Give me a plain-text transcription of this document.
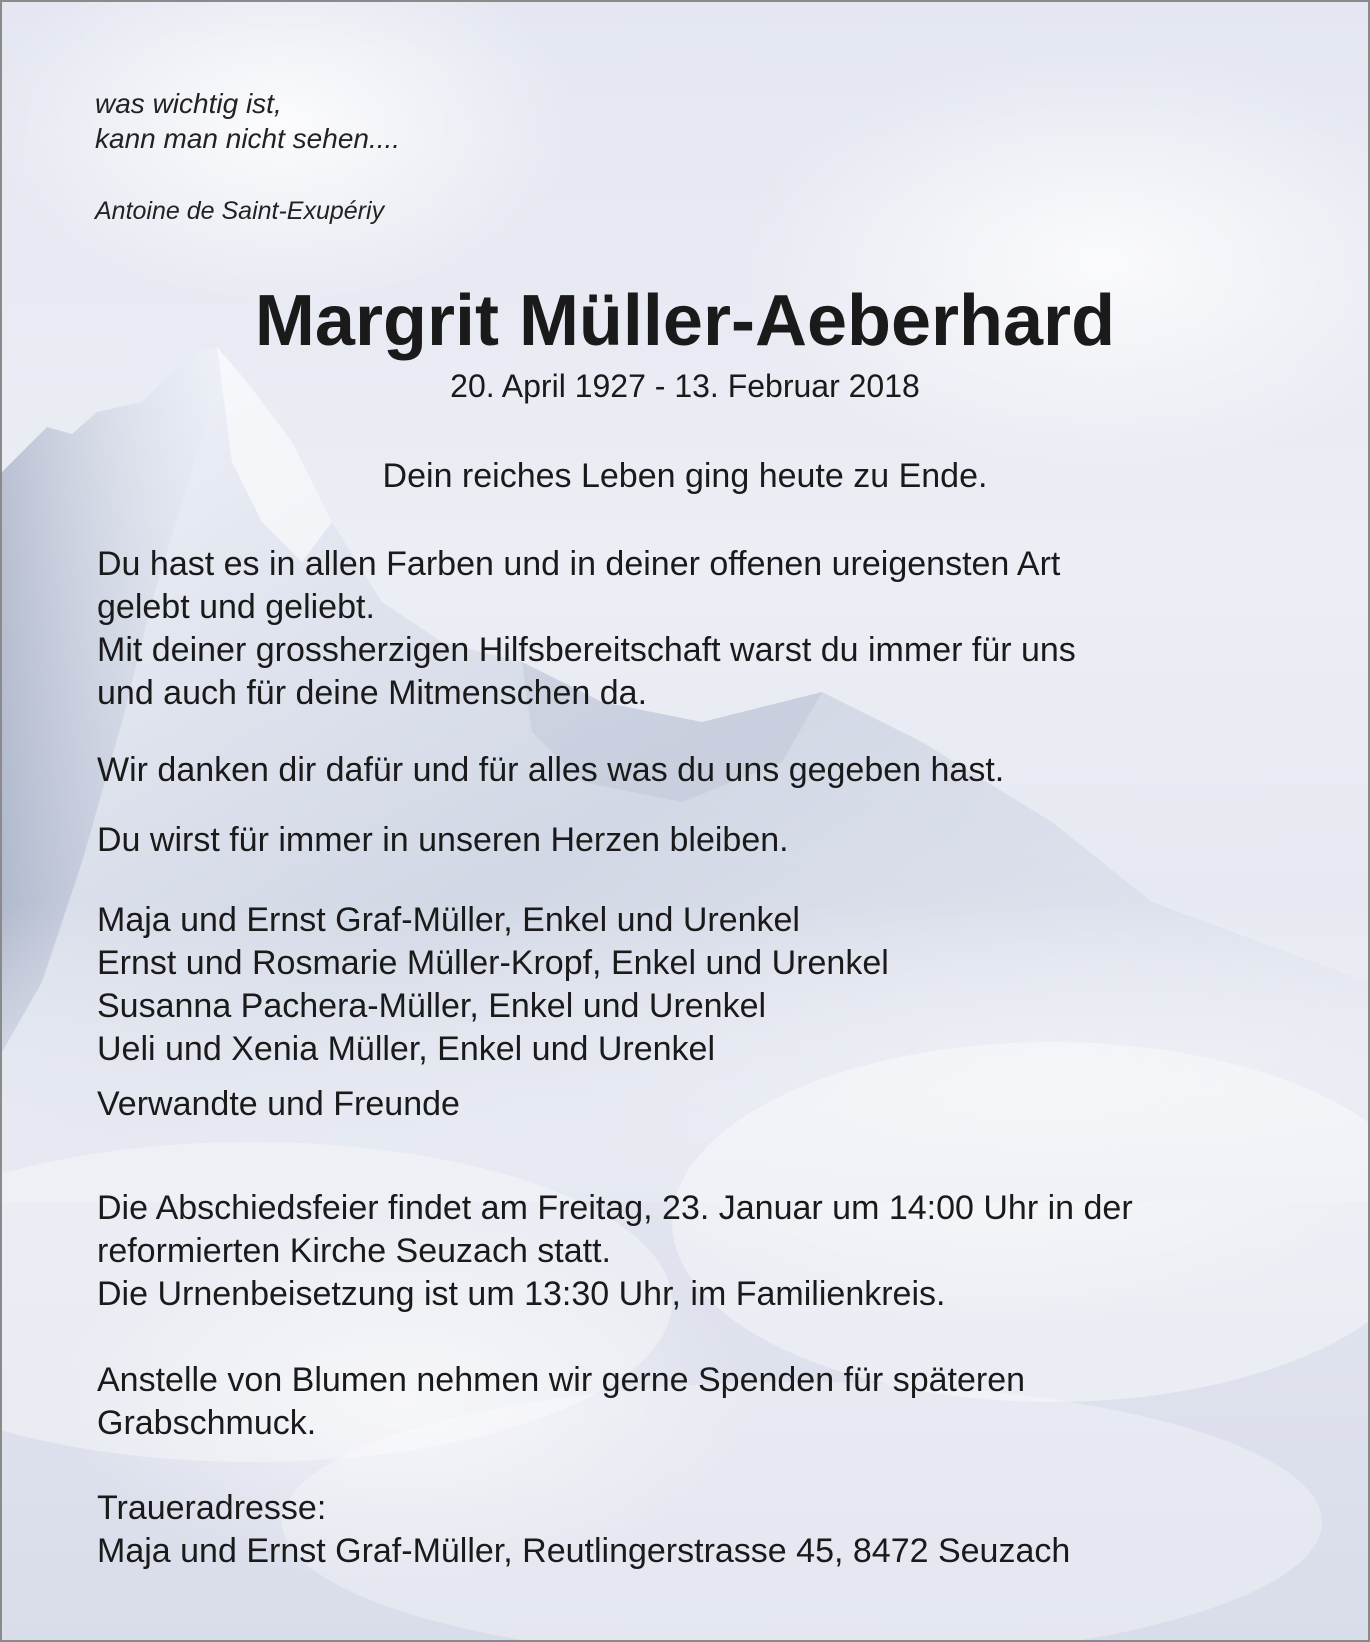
was wichtig ist,

kann man nicht sehen....

Antoine de Saint-Exupériy

Margrit Müller-Aeberhard

20. April 1927 - 13. Februar 2018

Dein reiches Leben ging heute zu Ende.

Du hast es in allen Farben und in deiner offenen ureigensten Art

gelebt und geliebt.

Mit deiner grossherzigen Hilfsbereitschaft warst du immer für uns

und auch für deine Mitmenschen da.

Wir danken dir dafür und für alles was du uns gegeben hast.

Du wirst für immer in unseren Herzen bleiben.

Maja und Ernst Graf-Müller, Enkel und Urenkel

Ernst und Rosmarie Müller-Kropf, Enkel und Urenkel

Susanna Pachera-Müller, Enkel und Urenkel

Ueli und Xenia Müller, Enkel und Urenkel

Verwandte und Freunde

Die Abschiedsfeier findet am Freitag, 23. Januar um 14:00 Uhr in der

reformierten Kirche Seuzach statt.

Die Urnenbeisetzung ist um 13:30 Uhr, im Familienkreis.

Anstelle von Blumen nehmen wir gerne Spenden für späteren

Grabschmuck.

Traueradresse:

Maja und Ernst Graf-Müller, Reutlingerstrasse 45, 8472 Seuzach
